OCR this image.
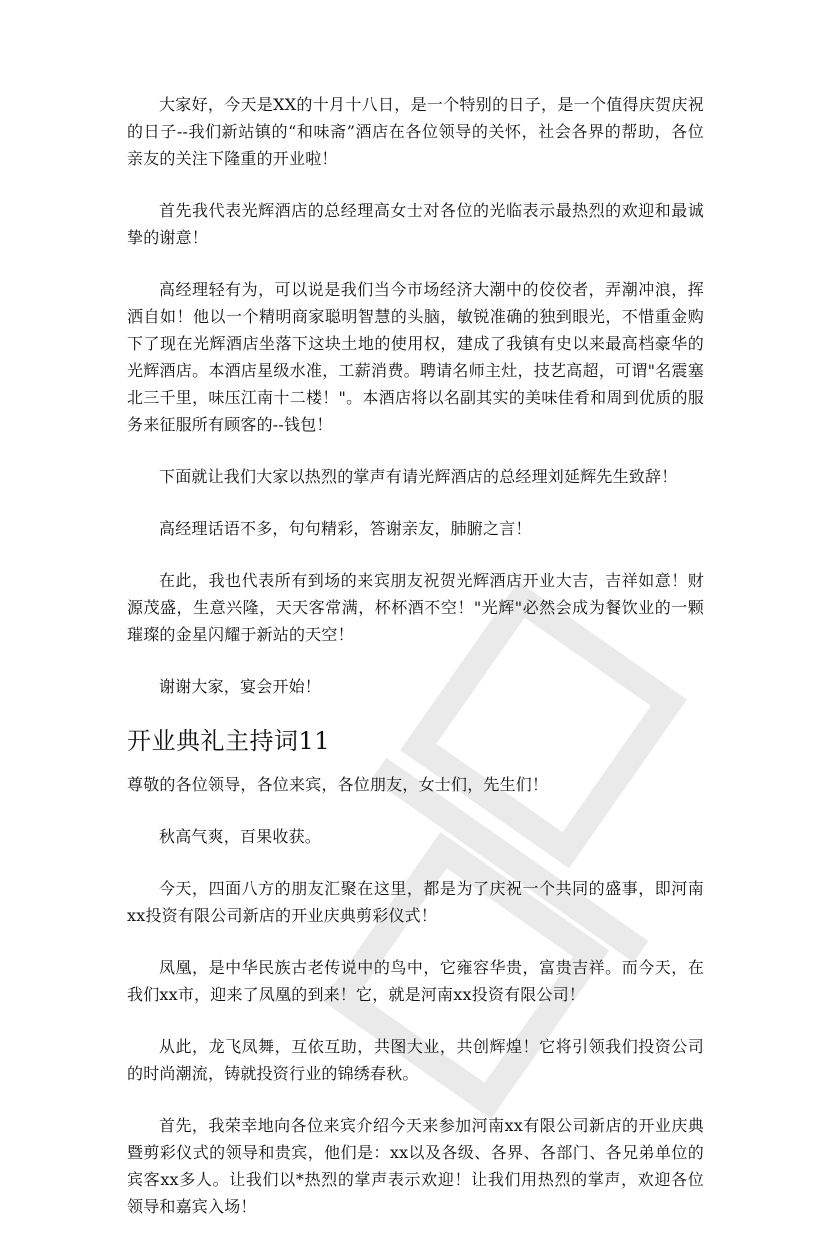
大家好，今天是XX的十月十八日，是一个特别的日子，是一个值得庆贺庆祝的日子--我们新站镇的“和味斋”酒店在各位领导的关怀，社会各界的帮助，各位亲友的关注下隆重的开业啦！

首先我代表光辉酒店的总经理高女士对各位的光临表示最热烈的欢迎和最诚挚的谢意！

高经理轻有为，可以说是我们当今市场经济大潮中的佼佼者，弄潮冲浪，挥洒自如！他以一个精明商家聪明智慧的头脑，敏锐准确的独到眼光，不惜重金购下了现在光辉酒店坐落下这块土地的使用权，建成了我镇有史以来最高档豪华的光辉酒店。本酒店星级水准，工薪消费。聘请名师主灶，技艺高超，可谓"名震塞北三千里，味压江南十二楼！"。本酒店将以名副其实的美味佳肴和周到优质的服务来征服所有顾客的--钱包！

下面就让我们大家以热烈的掌声有请光辉酒店的总经理刘延辉先生致辞！

高经理话语不多，句句精彩，答谢亲友，肺腑之言！

在此，我也代表所有到场的来宾朋友祝贺光辉酒店开业大吉，吉祥如意！财源茂盛，生意兴隆，天天客常满，杯杯酒不空！"光辉"必然会成为餐饮业的一颗璀璨的金星闪耀于新站的天空！

谢谢大家，宴会开始！

开业典礼主持词11

尊敬的各位领导，各位来宾，各位朋友，女士们，先生们！

秋高气爽，百果收获。

今天，四面八方的朋友汇聚在这里，都是为了庆祝一个共同的盛事，即河南xx投资有限公司新店的开业庆典剪彩仪式！

凤凰，是中华民族古老传说中的鸟中，它雍容华贵，富贵吉祥。而今天，在我们xx市，迎来了凤凰的到来！它，就是河南xx投资有限公司！

从此，龙飞凤舞，互依互助，共图大业，共创辉煌！它将引领我们投资公司的时尚潮流，铸就投资行业的锦绣春秋。

首先，我荣幸地向各位来宾介绍今天来参加河南xx有限公司新店的开业庆典暨剪彩仪式的领导和贵宾，他们是：xx以及各级、各界、各部门、各兄弟单位的宾客xx多人。让我们以*热烈的掌声表示欢迎！让我们用热烈的掌声，欢迎各位领导和嘉宾入场！
